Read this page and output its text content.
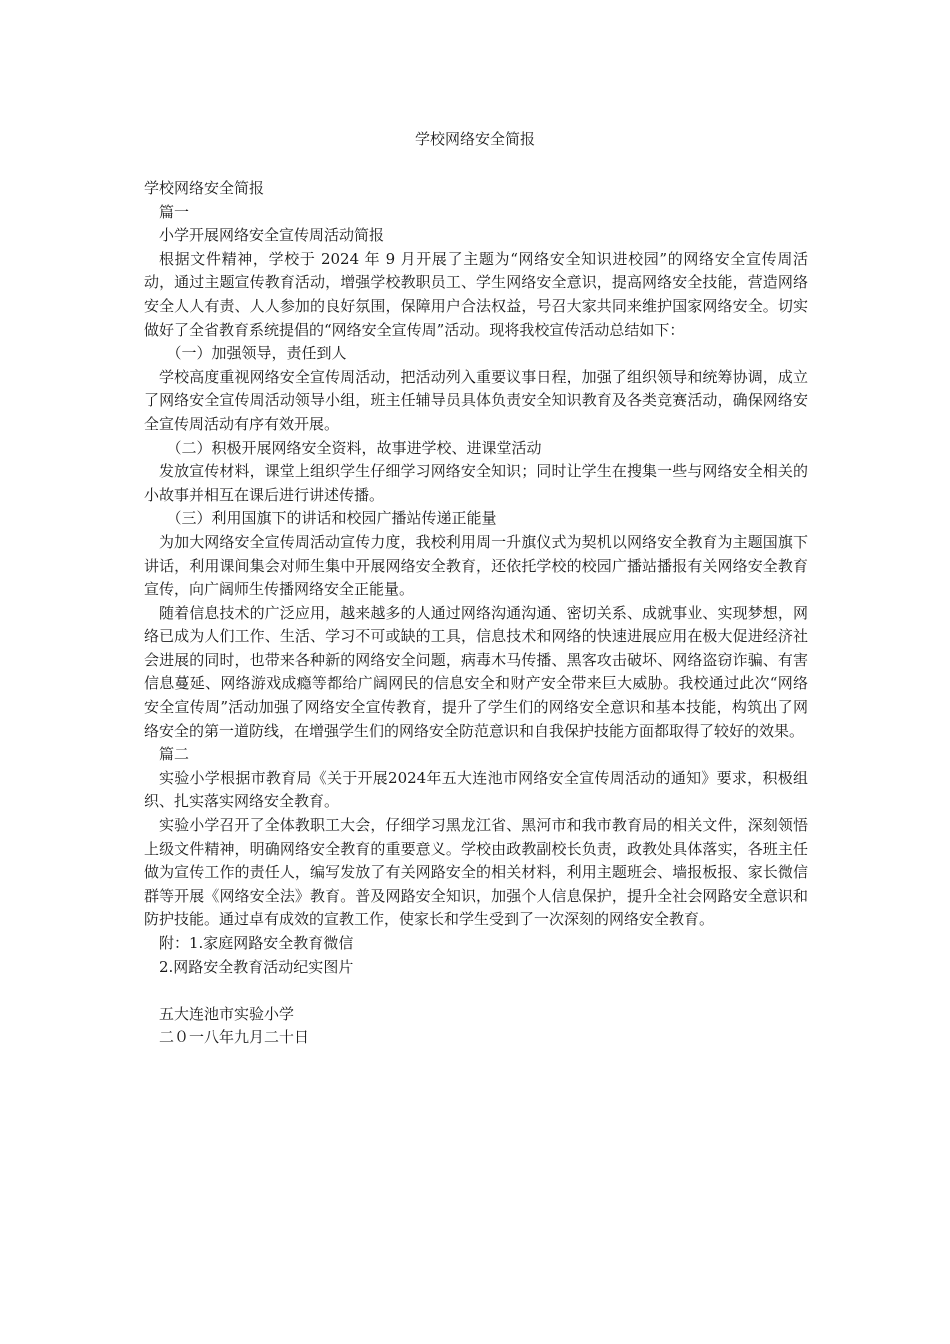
学校网络安全简报

学校网络安全简报

篇一

小学开展网络安全宣传周活动简报

根据文件精神，学校于 2024 年 9 月开展了主题为“网络安全知识进校园”的网络安全宣传周活动，通过主题宣传教育活动，增强学校教职员工、学生网络安全意识，提高网络安全技能，营造网络安全人人有责、人人参加的良好氛围，保障用户合法权益，号召大家共同来维护国家网络安全。切实做好了全省教育系统提倡的“网络安全宣传周”活动。现将我校宣传活动总结如下：

（一）加强领导，责任到人

学校高度重视网络安全宣传周活动，把活动列入重要议事日程，加强了组织领导和统筹协调，成立了网络安全宣传周活动领导小组，班主任辅导员具体负责安全知识教育及各类竞赛活动，确保网络安全宣传周活动有序有效开展。

（二）积极开展网络安全资料，故事进学校、进课堂活动

发放宣传材料，课堂上组织学生仔细学习网络安全知识；同时让学生在搜集一些与网络安全相关的小故事并相互在课后进行讲述传播。

（三）利用国旗下的讲话和校园广播站传递正能量

为加大网络安全宣传周活动宣传力度，我校利用周一升旗仪式为契机以网络安全教育为主题国旗下讲话，利用课间集会对师生集中开展网络安全教育，还依托学校的校园广播站播报有关网络安全教育宣传，向广阔师生传播网络安全正能量。

随着信息技术的广泛应用，越来越多的人通过网络沟通沟通、密切关系、成就事业、实现梦想，网络已成为人们工作、生活、学习不可或缺的工具，信息技术和网络的快速进展应用在极大促进经济社会进展的同时，也带来各种新的网络安全问题，病毒木马传播、黑客攻击破坏、网络盗窃诈骗、有害信息蔓延、网络游戏成瘾等都给广阔网民的信息安全和财产安全带来巨大威胁。我校通过此次“网络安全宣传周”活动加强了网络安全宣传教育，提升了学生们的网络安全意识和基本技能，构筑出了网络安全的第一道防线，在增强学生们的网络安全防范意识和自我保护技能方面都取得了较好的效果。

篇二

实验小学根据市教育局《关于开展2024年五大连池市网络安全宣传周活动的通知》要求，积极组织、扎实落实网络安全教育。

实验小学召开了全体教职工大会，仔细学习黑龙江省、黑河市和我市教育局的相关文件，深刻领悟上级文件精神，明确网络安全教育的重要意义。学校由政教副校长负责，政教处具体落实，各班主任做为宣传工作的责任人，编写发放了有关网路安全的相关材料，利用主题班会、墙报板报、家长微信群等开展《网络安全法》教育。普及网路安全知识，加强个人信息保护，提升全社会网路安全意识和防护技能。通过卓有成效的宣教工作，使家长和学生受到了一次深刻的网络安全教育。

附：1.家庭网路安全教育微信

2.网路安全教育活动纪实图片

五大连池市实验小学

二０一八年九月二十日
